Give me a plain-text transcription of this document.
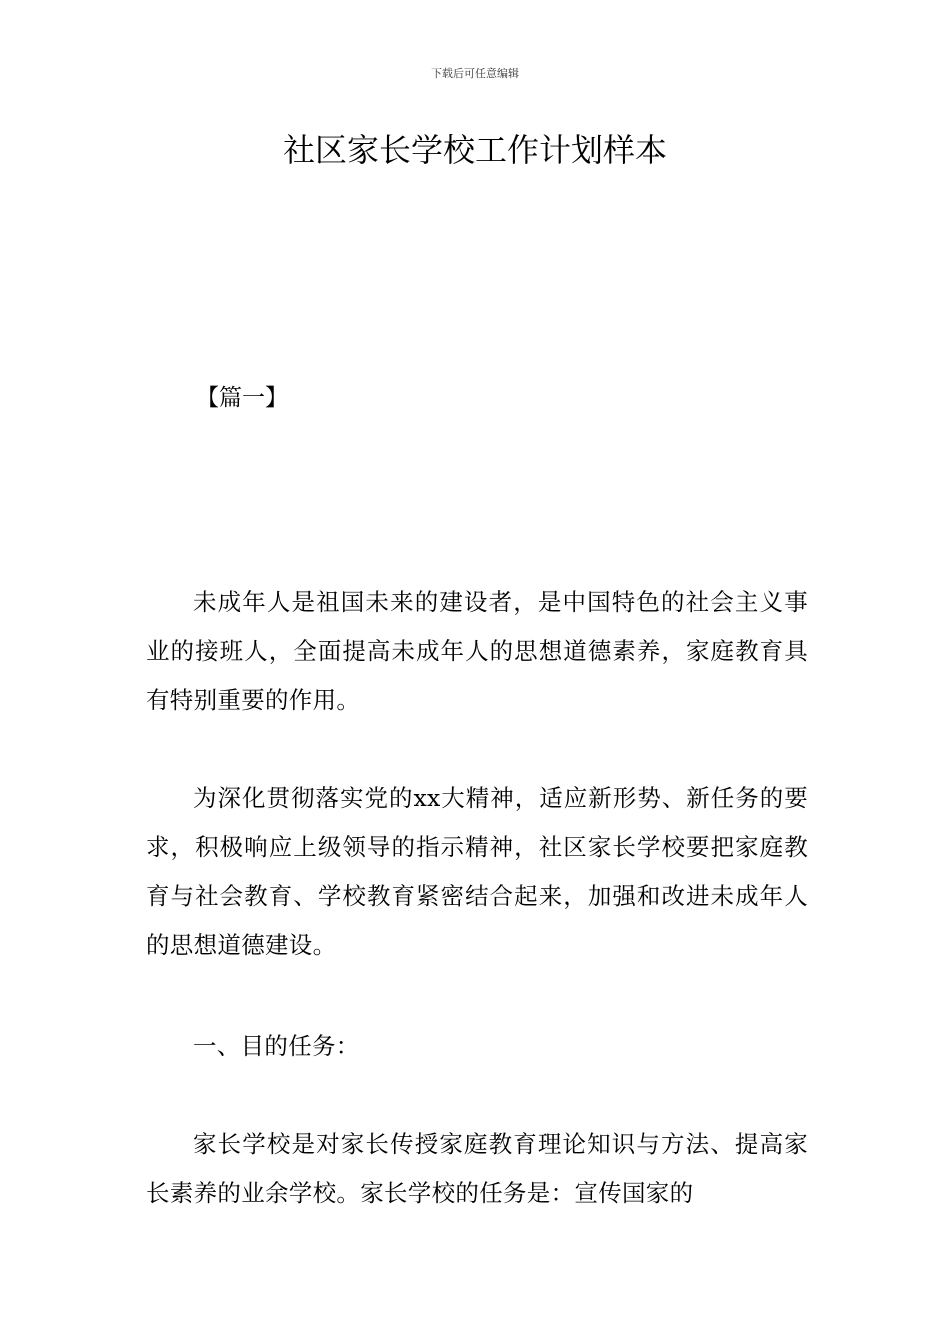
下载后可任意编辑
社区家长学校工作计划样本
【篇一】

未成年人是祖国未来的建设者，是中国特色的社会主义事业的接班人，全面提高未成年人的思想道德素养，家庭教育具有特别重要的作用。

为深化贯彻落实党的xx大精神，适应新形势、新任务的要求，积极响应上级领导的指示精神，社区家长学校要把家庭教育与社会教育、学校教育紧密结合起来，加强和改进未成年人的思想道德建设。

一、目的任务：

家长学校是对家长传授家庭教育理论知识与方法、提高家长素养的业余学校。家长学校的任务是：宣传国家的
